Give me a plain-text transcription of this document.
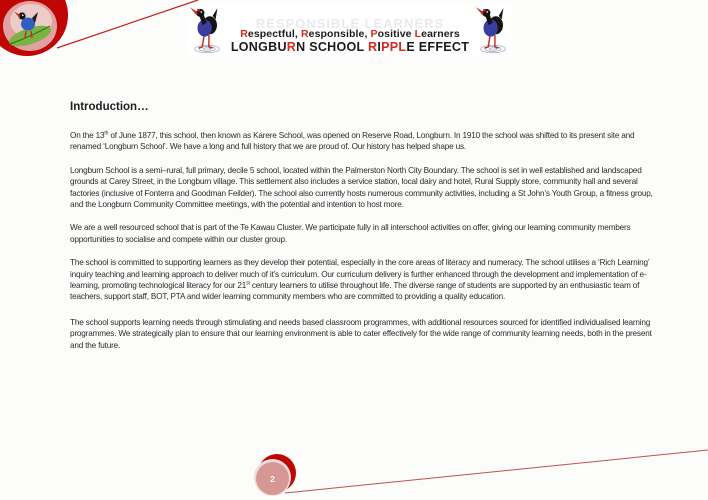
RESPONSIBLE LEARNERS
Respectful, Responsible, Positive Learners
LONGBURN SCHOOL RIPPLE EFFECT
Introduction…

On the 13th of June 1877, this school, then known as Karere School, was opened on Reserve Road, Longburn. In 1910 the school was shifted to its present site and renamed ‘Longburn School’. We have a long and full history that we are proud of. Our history has helped shape us.

Longburn School is a semi–rural, full primary, decile 5 school, located within the Palmerston North City Boundary. The school is set in well established and landscaped grounds at Carey Street, in the Longburn village. This settlement also includes a service station, local dairy and hotel, Rural Supply store, community hall and several factories (inclusive of Fonterra and Goodman Feilder). The school also currently hosts numerous community activities, including a St John’s Youth Group, a fitness group, and the Longburn Community Committee meetings, with the potential and intention to host more.

We are a well resourced school that is part of the Te Kawau Cluster. We participate fully in all interschool activities on offer, giving our learning community members opportunities to socialise and compete within our cluster group.

The school is committed to supporting learners as they develop their potential, especially in the core areas of literacy and numeracy. The school utilises a ‘Rich Learning’ inquiry teaching and learning approach to deliver much of it’s curriculum. Our curriculum delivery is further enhanced through the development and implementation of e-learning, promoting technological literacy for our 21st century learners to utilise throughout life. The diverse range of students are supported by an enthusiastic team of teachers, support staff, BOT, PTA and wider learning community members who are committed to providing a quality education.

The school supports learning needs through stimulating and needs based classroom programmes, with additional resources sourced for identified individualised learning programmes. We strategically plan to ensure that our learning environment is able to cater effectively for the wide range of community learning needs, both in the present and the future.

2
